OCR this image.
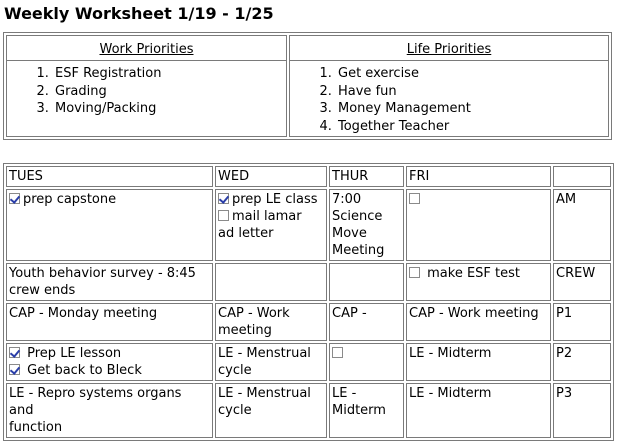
Weekly Worksheet 1/19 - 1/25
Work Priorities
1. ESF Registration
2. Grading
3. Moving/Packing

Life Priorities
1. Get exercise
2. Have fun
3. Money Management
4. Together Teacher
TUES	WED	THUR	FRI	
prep capstone	prep LE class
mail lamar
ad letter	7:00
Science
Move
Meeting		AM

Youth behavior survey - 8:45
crew ends			make ESF test	CREW
CAP - Monday meeting	CAP - Work
meeting	CAP -	CAP - Work meeting	P1

Prep LE lesson
Get back to Bleck	LE - Menstrual
cycle		LE - Midterm	P2

LE - Repro systems organs and
function	LE - Menstrual
cycle	LE -
Midterm	LE - Midterm	P3
